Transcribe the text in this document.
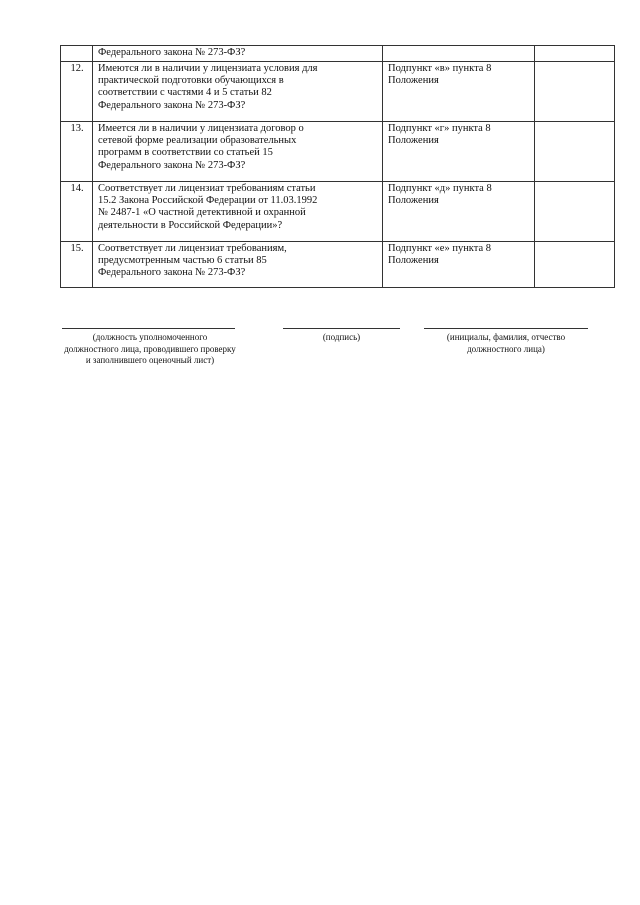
	Федерального закона № 273-ФЗ?		
12.	Имеются ли в наличии у лицензиата условия для
практической подготовки обучающихся в
соответствии с частями 4 и 5 статьи 82
Федерального закона № 273-ФЗ?	Подпункт «в» пункта 8
Положения	
13.	Имеется ли в наличии у лицензиата договор о
сетевой форме реализации образовательных
программ в соответствии со статьей 15
Федерального закона № 273-ФЗ?	Подпункт «г» пункта 8
Положения	
14.	Соответствует ли лицензиат требованиям статьи
15.2 Закона Российской Федерации от 11.03.1992
№ 2487-1 «О частной детективной и охранной
деятельности в Российской Федерации»?	Подпункт «д» пункта 8
Положения	
15.	Соответствует ли лицензиат требованиям,
предусмотренным частью 6 статьи 85
Федерального закона № 273-ФЗ?	Подпункт «е» пункта 8
Положения	
(должность уполномоченного
должностного лица, проводившего проверку
и заполнившего оценочный лист)
(подпись)	(инициалы, фамилия, отчество
должностного лица)
